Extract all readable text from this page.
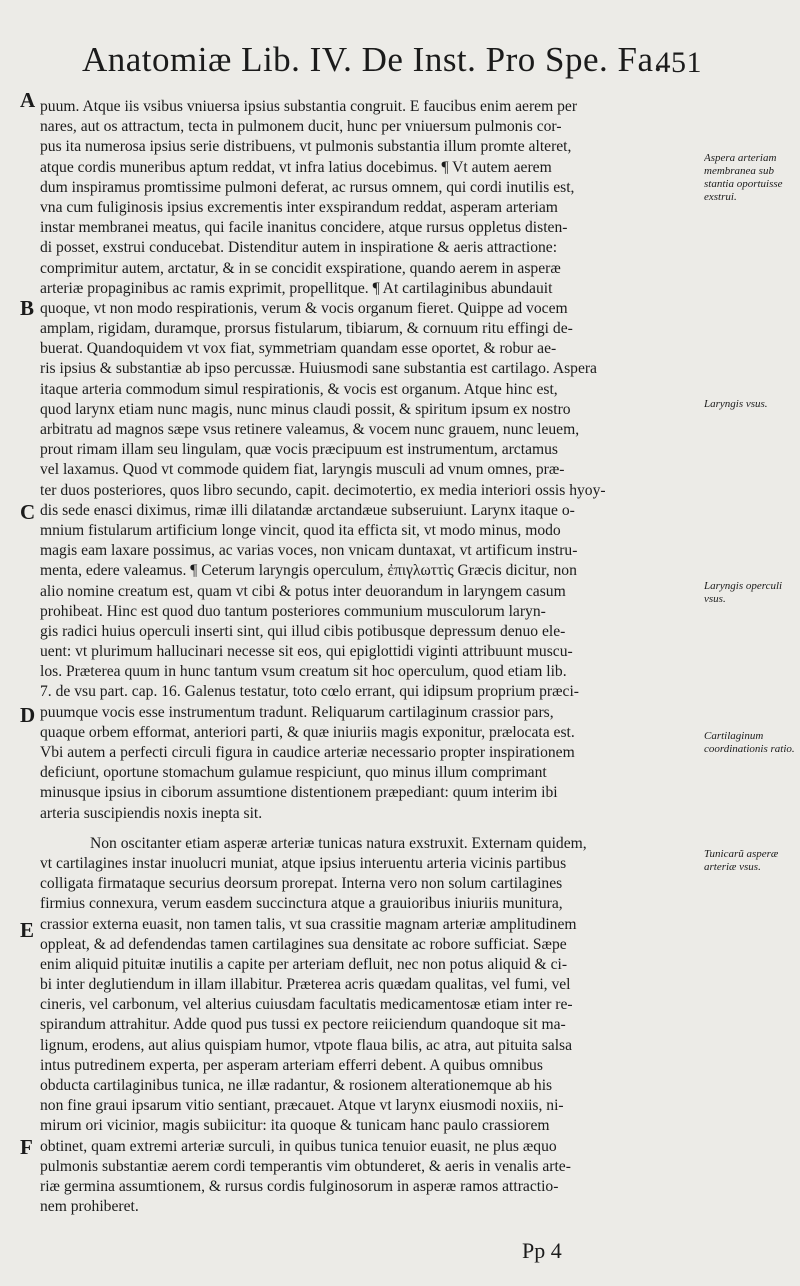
Anatomiæ Lib. IV. De Inst. Pro Spe. Fa.
451
A
B
C
D
E
F
puum. Atque iis vsibus vniuersa ipsius substantia congruit. E faucibus enim aerem per
nares, aut os attractum, tecta in pulmonem ducit, hunc per vniuersum pulmonis cor-
pus ita numerosa ipsius serie distribuens, vt pulmonis substantia illum promte alteret,
atque cordis muneribus aptum reddat, vt infra latius docebimus. ¶ Vt autem aerem
dum inspiramus promtissime pulmoni deferat, ac rursus omnem, qui cordi inutilis est,
vna cum fuliginosis ipsius excrementis inter exspirandum reddat, asperam arteriam
instar membranei meatus, qui facile inanitus concidere, atque rursus oppletus disten-
di posset, exstrui conducebat. Distenditur autem in inspiratione & aeris attractione:
comprimitur autem, arctatur, & in se concidit exspiratione, quando aerem in asperæ
arteriæ propaginibus ac ramis exprimit, propellitque. ¶ At cartilaginibus abundauit
quoque, vt non modo respirationis, verum & vocis organum fieret. Quippe ad vocem
amplam, rigidam, duramque, prorsus fistularum, tibiarum, & cornuum ritu effingi de-
buerat. Quandoquidem vt vox fiat, symmetriam quandam esse oportet, & robur ae-
ris ipsius & substantiæ ab ipso percussæ. Huiusmodi sane substantia est cartilago. Aspera
itaque arteria commodum simul respirationis, & vocis est organum. Atque hinc est,
quod larynx etiam nunc magis, nunc minus claudi possit, & spiritum ipsum ex nostro
arbitratu ad magnos sæpe vsus retinere valeamus, & vocem nunc grauem, nunc leuem,
prout rimam illam seu lingulam, quæ vocis præcipuum est instrumentum, arctamus
vel laxamus. Quod vt commode quidem fiat, laryngis musculi ad vnum omnes, præ-
ter duos posteriores, quos libro secundo, capit. decimotertio, ex media interiori ossis hyoy-
dis sede enasci diximus, rimæ illi dilatandæ arctandæue subseruiunt. Larynx itaque o-
mnium fistularum artificium longe vincit, quod ita efficta sit, vt modo minus, modo
magis eam laxare possimus, ac varias voces, non vnicam duntaxat, vt artificum instru-
menta, edere valeamus. ¶ Ceterum laryngis operculum, ἐπιγλωττὶς Græcis dicitur, non
alio nomine creatum est, quam vt cibi & potus inter deuorandum in laryngem casum
prohibeat. Hinc est quod duo tantum posteriores communium musculorum laryn-
gis radici huius operculi inserti sint, qui illud cibis potibusque depressum denuo ele-
uent: vt plurimum hallucinari necesse sit eos, qui epiglottidi viginti attribuunt muscu-
los. Præterea quum in hunc tantum vsum creatum sit hoc operculum, quod etiam lib.
7. de vsu part. cap. 16. Galenus testatur, toto cœlo errant, qui idipsum proprium præci-
puumque vocis esse instrumentum tradunt. Reliquarum cartilaginum crassior pars,
quaque orbem efformat, anteriori parti, & quæ iniuriis magis exponitur, prælocata est.
Vbi autem a perfecti circuli figura in caudice arteriæ necessario propter inspirationem
deficiunt, oportune stomachum gulamue respiciunt, quo minus illum comprimant
minusque ipsius in ciborum assumtione distentionem præpediant: quum interim ibi
arteria suscipiendis noxis inepta sit.
Non oscitanter etiam asperæ arteriæ tunicas natura exstruxit. Externam quidem,
vt cartilagines instar inuolucri muniat, atque ipsius interuentu arteria vicinis partibus
colligata firmataque securius deorsum prorepat. Interna vero non solum cartilagines
firmius connexura, verum easdem succinctura atque a grauioribus iniuriis munitura,
crassior externa euasit, non tamen talis, vt sua crassitie magnam arteriæ amplitudinem
oppleat, & ad defendendas tamen cartilagines sua densitate ac robore sufficiat. Sæpe
enim aliquid pituitæ inutilis a capite per arteriam defluit, nec non potus aliquid & ci-
bi inter deglutiendum in illam illabitur. Præterea acris quædam qualitas, vel fumi, vel
cineris, vel carbonum, vel alterius cuiusdam facultatis medicamentosæ etiam inter re-
spirandum attrahitur. Adde quod pus tussi ex pectore reiiciendum quandoque sit ma-
lignum, erodens, aut alius quispiam humor, vtpote flaua bilis, ac atra, aut pituita salsa
intus putredinem experta, per asperam arteriam efferri debent. A quibus omnibus
obducta cartilaginibus tunica, ne illæ radantur, & rosionem alterationemque ab his
non fine graui ipsarum vitio sentiant, præcauet. Atque vt larynx eiusmodi noxiis, ni-
mirum ori vicinior, magis subiicitur: ita quoque & tunicam hanc paulo crassiorem
obtinet, quam extremi arteriæ surculi, in quibus tunica tenuior euasit, ne plus æquo
pulmonis substantiæ aerem cordi temperantis vim obtunderet, & aeris in venalis arte-
riæ germina assumtionem, & rursus cordis fulginosorum in asperæ ramos attractio-
nem prohiberet.
Aspera arteriam membranea sub stantia oportuisse exstrui.
Laryngis vsus.
Laryngis operculi vsus.
Cartilaginum coordinationis ratio.
Tunicarũ asperæ arteriæ vsus.
Pp 4
